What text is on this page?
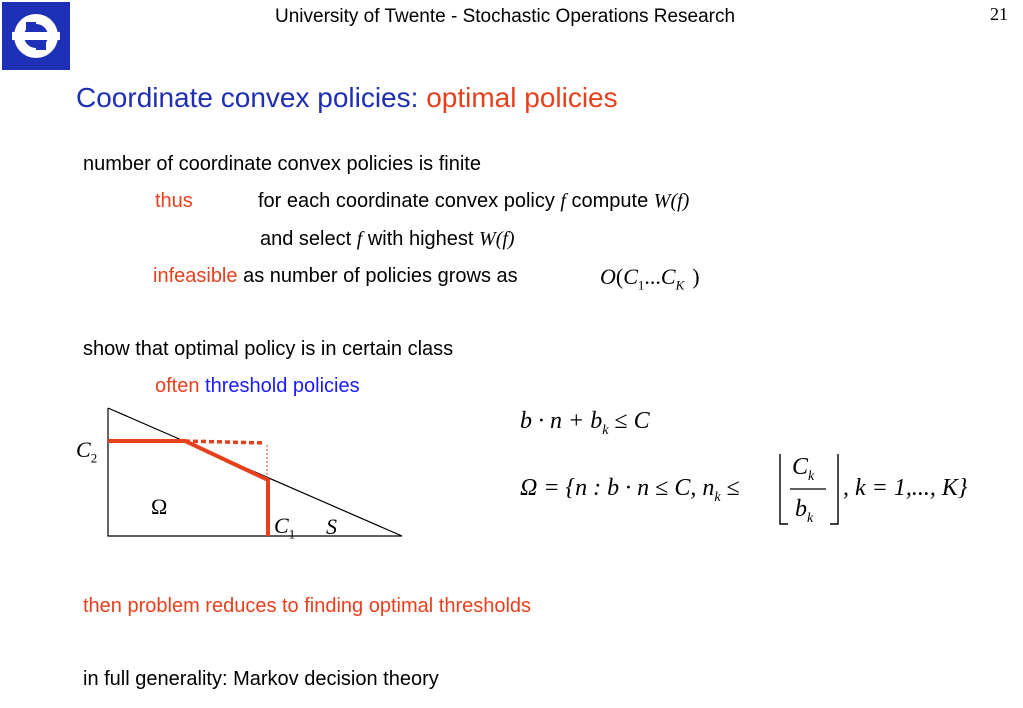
University of Twente - Stochastic Operations Research	21
Coordinate convex policies: optimal policies
number of coordinate convex policies is finite
thus	for each coordinate convex policy f compute W(f)
and select f with highest W(f)
infeasible as number of policies grows as	$O(C_1...C_K$ )
show that optimal policy is in certain class
often threshold policies
$C_2$
Ω
$C_1$ S
$b \cdot n + b_k \le C$
Ω = {n : b · n ≤ C, $n_k$ ≤
$C_k$
$b_k$
, k = 1,..., K}
then problem reduces to finding optimal thresholds
in full generality: Markov decision theory
